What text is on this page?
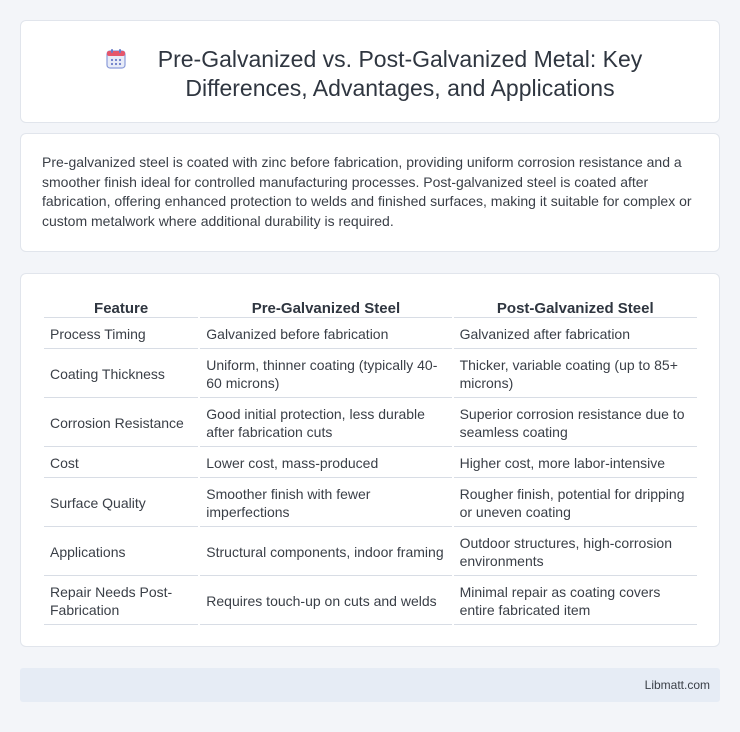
Pre-Galvanized vs. Post-Galvanized Metal: Key Differences, Advantages, and Applications

Pre-galvanized steel is coated with zinc before fabrication, providing uniform corrosion resistance and a smoother finish ideal for controlled manufacturing processes. Post-galvanized steel is coated after fabrication, offering enhanced protection to welds and finished surfaces, making it suitable for complex or custom metalwork where additional durability is required.

Feature	Pre-Galvanized Steel	Post-Galvanized Steel
Process Timing	Galvanized before fabrication	Galvanized after fabrication
Coating Thickness	Uniform, thinner coating (typically 40-60 microns)	Thicker, variable coating (up to 85+ microns)
Corrosion Resistance	Good initial protection, less durable after fabrication cuts	Superior corrosion resistance due to seamless coating
Cost	Lower cost, mass-produced	Higher cost, more labor-intensive
Surface Quality	Smoother finish with fewer imperfections	Rougher finish, potential for dripping or uneven coating
Applications	Structural components, indoor framing	Outdoor structures, high-corrosion environments
Repair Needs Post-Fabrication	Requires touch-up on cuts and welds	Minimal repair as coating covers entire fabricated item
Libmatt.com
